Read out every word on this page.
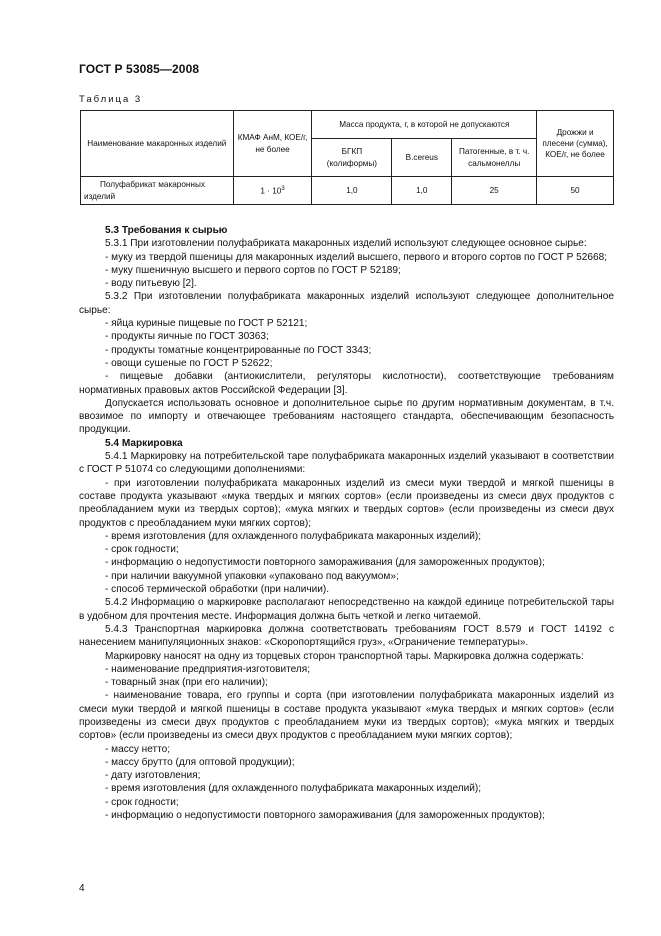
ГОСТ Р 53085—2008
Таблица 3
Наименование макаронных изделий	КМАФ АнМ, КОЕ/г, не более	Масса продукта, г, в которой не допускаются			Дрожжи и плесени (сумма), КОЕ/г, не более
		БГКП (колиформы)	B.cereus	Патогенные, в т. ч. сальмонеллы	
Полуфабрикат макаронных изделий	$1 \cdot 10^3$	1,0	1,0	25	50

5.3 Требования к сырью

5.3.1 При изготовлении полуфабриката макаронных изделий используют следующее основное сырье:

- муку из твердой пшеницы для макаронных изделий высшего, первого и второго сортов по ГОСТ Р 52668;

- муку пшеничную высшего и первого сортов по ГОСТ Р 52189;

- воду питьевую [2].

5.3.2 При изготовлении полуфабриката макаронных изделий используют следующее дополнительное сырье:

- яйца куриные пищевые по ГОСТ Р 52121;

- продукты яичные по ГОСТ 30363;

- продукты томатные концентрированные по ГОСТ 3343;

- овощи сушеные по ГОСТ Р 52622;

- пищевые добавки (антиокислители, регуляторы кислотности), соответствующие требованиям нормативных правовых актов Российской Федерации [3].

Допускается использовать основное и дополнительное сырье по другим нормативным документам, в т.ч. ввозимое по импорту и отвечающее требованиям настоящего стандарта, обеспечивающим безопасность продукции.

5.4 Маркировка

5.4.1 Маркировку на потребительской таре полуфабриката макаронных изделий указывают в соответствии с ГОСТ Р 51074 со следующими дополнениями:

- при изготовлении полуфабриката макаронных изделий из смеси муки твердой и мягкой пшеницы в составе продукта указывают «мука твердых и мягких сортов» (если произведены из смеси двух продуктов с преобладанием муки из твердых сортов); «мука мягких и твердых сортов» (если произведены из смеси двух продуктов с преобладанием муки мягких сортов);

- время изготовления (для охлажденного полуфабриката макаронных изделий);

- срок годности;

- информацию о недопустимости повторного замораживания (для замороженных продуктов);

- при наличии вакуумной упаковки «упаковано под вакуумом»;

- способ термической обработки (при наличии).

5.4.2 Информацию о маркировке располагают непосредственно на каждой единице потребительской тары в удобном для прочтения месте. Информация должна быть четкой и легко читаемой.

5.4.3 Транспортная маркировка должна соответствовать требованиям ГОСТ 8.579 и ГОСТ 14192 с нанесением манипуляционных знаков: «Скоропортящийся груз», «Ограничение температуры».

Маркировку наносят на одну из торцевых сторон транспортной тары. Маркировка должна содержать:

- наименование предприятия-изготовителя;

- товарный знак (при его наличии);

- наименование товара, его группы и сорта (при изготовлении полуфабриката макаронных изделий из смеси муки твердой и мягкой пшеницы в составе продукта указывают «мука твердых и мягких сортов» (если произведены из смеси двух продуктов с преобладанием муки из твердых сортов); «мука мягких и твердых сортов» (если произведены из смеси двух продуктов с преобладанием муки мягких сортов);

- массу нетто;

- массу брутто (для оптовой продукции);

- дату изготовления;

- время изготовления (для охлажденного полуфабриката макаронных изделий);

- срок годности;

- информацию о недопустимости повторного замораживания (для замороженных продуктов);

4
